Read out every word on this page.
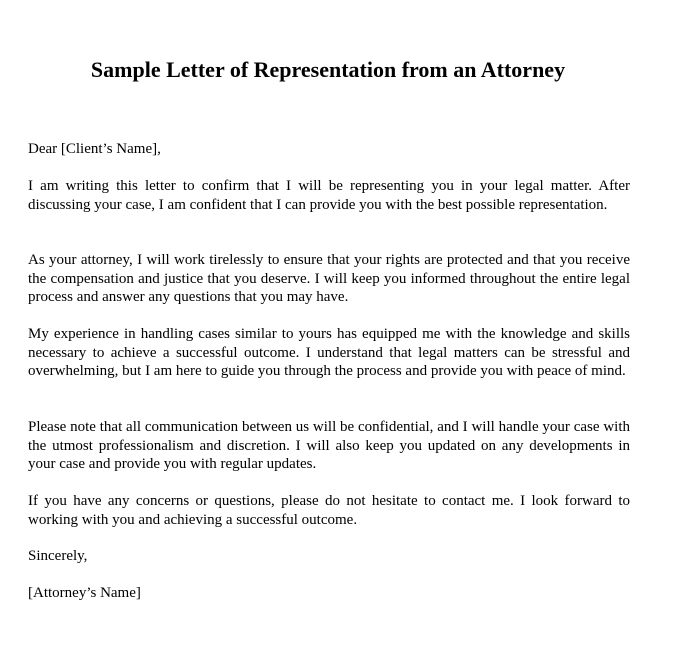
Sample Letter of Representation from an Attorney

Dear [Client’s Name],

I am writing this letter to confirm that I will be representing you in your legal matter. After discussing your case, I am confident that I can provide you with the best possible representation.

As your attorney, I will work tirelessly to ensure that your rights are protected and that you receive the compensation and justice that you deserve. I will keep you informed throughout the entire legal process and answer any questions that you may have.

My experience in handling cases similar to yours has equipped me with the knowledge and skills necessary to achieve a successful outcome. I understand that legal matters can be stressful and overwhelming, but I am here to guide you through the process and provide you with peace of mind.

Please note that all communication between us will be confidential, and I will handle your case with the utmost professionalism and discretion. I will also keep you updated on any developments in your case and provide you with regular updates.

If you have any concerns or questions, please do not hesitate to contact me. I look forward to working with you and achieving a successful outcome.

Sincerely,

[Attorney’s Name]
